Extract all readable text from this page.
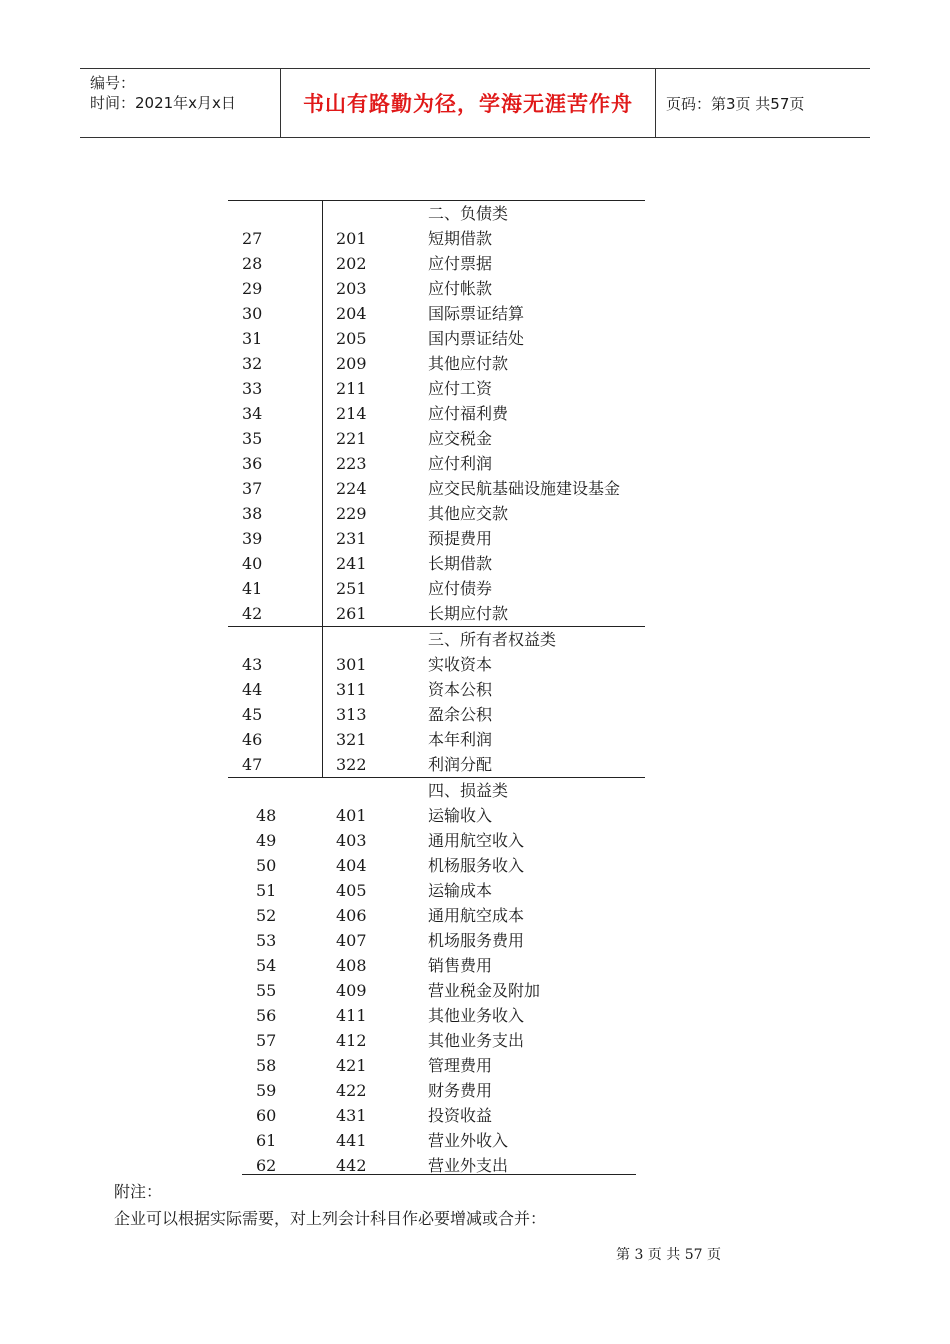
编号：
时间：2021年x月x日	书山有路勤为径，学海无涯苦作舟	页码：第3页 共57页
二、负债类
27	201	短期借款
28	202	应付票据
29	203	应付帐款
30	204	国际票证结算
31	205	国内票证结处
32	209	其他应付款
33	211	应付工资
34	214	应付福利费
35	221	应交税金
36	223	应付利润
37	224	应交民航基础设施建设基金
38	229	其他应交款
39	231	预提费用
40	241	长期借款
41	251	应付债券
42	261	长期应付款
三、所有者权益类
43	301	实收资本
44	311	资本公积
45	313	盈余公积
46	321	本年利润
47	322	利润分配
四、损益类
48	401	运输收入
49	403	通用航空收入
50	404	机杨服务收入
51	405	运输成本
52	406	通用航空成本
53	407	机场服务费用
54	408	销售费用
55	409	营业税金及附加
56	411	其他业务收入
57	412	其他业务支出
58	421	管理费用
59	422	财务费用
60	431	投资收益
61	441	营业外收入
62	442	营业外支出
附注：
企业可以根据实际需要，对上列会计科目作必要增减或合并：
第 3 页 共 57 页
